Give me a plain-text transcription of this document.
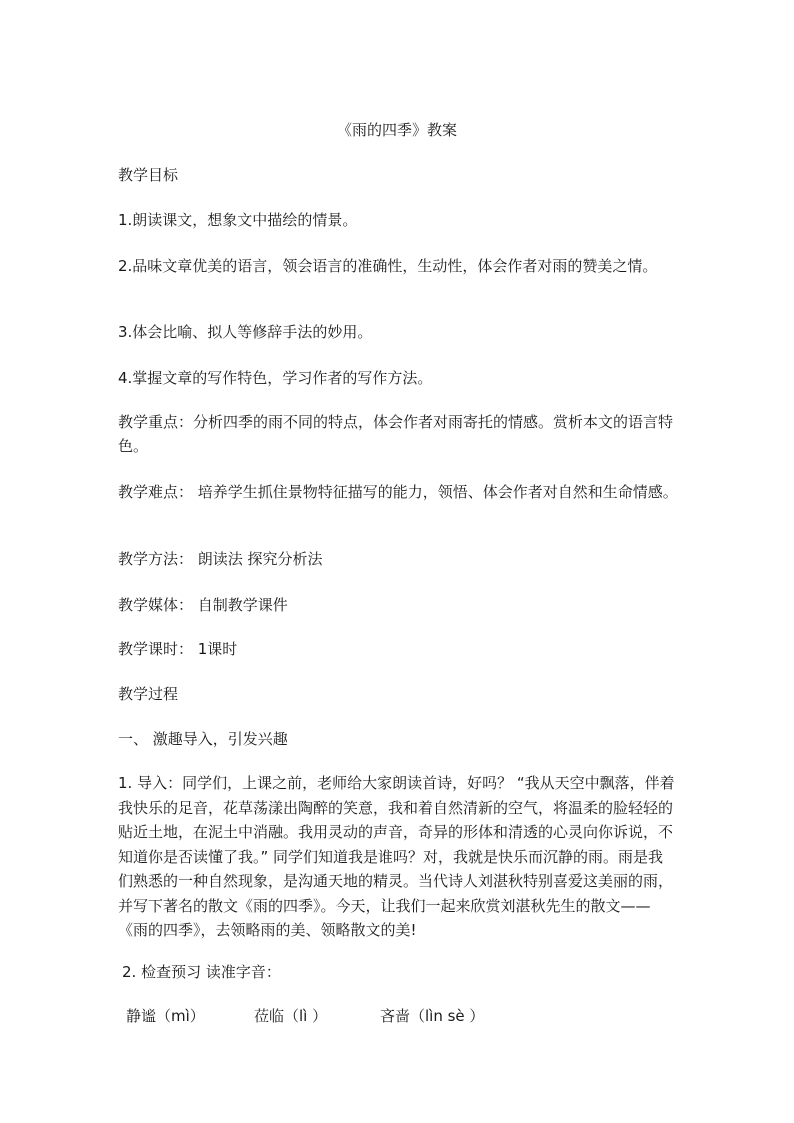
《雨的四季》教案
教学目标
1.朗读课文，想象文中描绘的情景。
2.品味文章优美的语言，领会语言的准确性，生动性，体会作者对雨的赞美之情。
3.体会比喻、拟人等修辞手法的妙用。
4.掌握文章的写作特色，学习作者的写作方法。
教学重点：分析四季的雨不同的特点，体会作者对雨寄托的情感。赏析本文的语言特色。
教学难点： 培养学生抓住景物特征描写的能力，领悟、体会作者对自然和生命情感。
教学方法： 朗读法 探究分析法
教学媒体： 自制教学课件
教学课时： 1课时
教学过程
一、 激趣导入，引发兴趣
1. 导入：同学们，上课之前，老师给大家朗读首诗，好吗？ “我从天空中飘落，伴着我快乐的足音，花草荡漾出陶醉的笑意，我和着自然清新的空气，将温柔的脸轻轻的贴近土地，在泥土中消融。我用灵动的声音，奇异的形体和清透的心灵向你诉说，不知道你是否读懂了我。” 同学们知道我是谁吗？对，我就是快乐而沉静的雨。雨是我们熟悉的一种自然现象，是沟通天地的精灵。当代诗人刘湛秋特别喜爱这美丽的雨，并写下著名的散文《雨的四季》。今天，让我们一起来欣赏刘湛秋先生的散文——《雨的四季》，去领略雨的美、领略散文的美!
2. 检查预习 读准字音：
静谧（mì）	莅临（lì ）	吝啬（lìn sè ）
